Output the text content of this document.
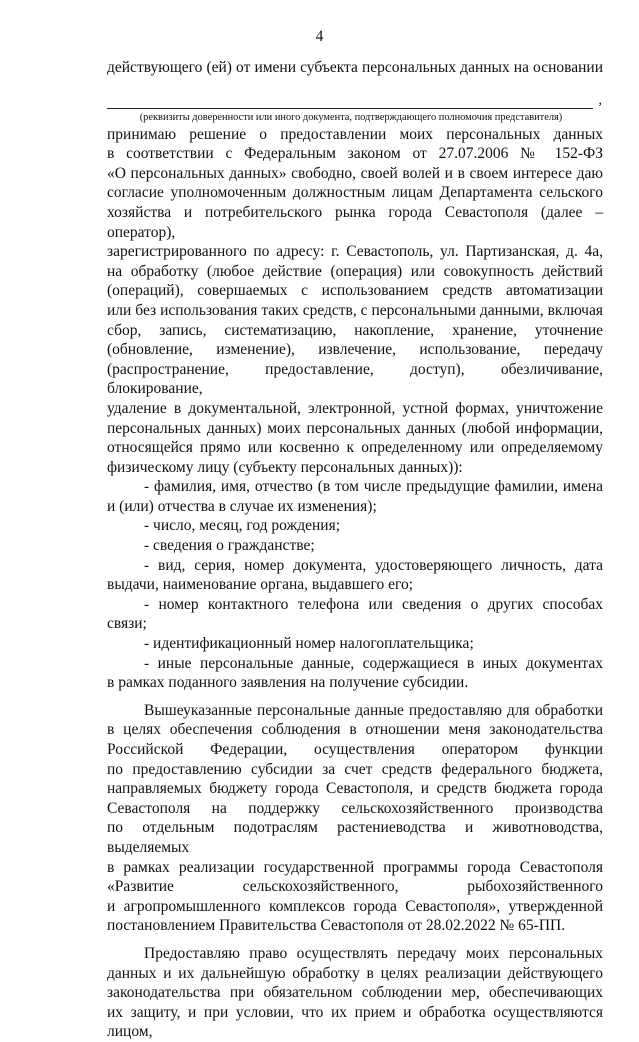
4

действующего (ей) от имени субъекта персональных данных на основании

,
(реквизиты доверенности или иного документа, подтверждающего полномочия представителя)

принимаю решение о предоставлении моих персональных данных

в соответствии с Федеральным законом от 27.07.2006 № 152-ФЗ

«О персональных данных» свободно, своей волей и в своем интересе даю

согласие уполномоченным должностным лицам Департамента сельского

хозяйства и потребительского рынка города Севастополя (далее – оператор),

зарегистрированного по адресу: г. Севастополь, ул. Партизанская, д. 4а,

на обработку (любое действие (операция) или совокупность действий

(операций), совершаемых с использованием средств автоматизации

или без использования таких средств, с персональными данными, включая

сбор, запись, систематизацию, накопление, хранение, уточнение

(обновление, изменение), извлечение, использование, передачу

(распространение, предоставление, доступ), обезличивание, блокирование,

удаление в документальной, электронной, устной формах, уничтожение

персональных данных) моих персональных данных (любой информации,

относящейся прямо или косвенно к определенному или определяемому

физическому лицу (субъекту персональных данных)):

- фамилия, имя, отчество (в том числе предыдущие фамилии, имена

и (или) отчества в случае их изменения);

- число, месяц, год рождения;

- сведения о гражданстве;

- вид, серия, номер документа, удостоверяющего личность, дата

выдачи, наименование органа, выдавшего его;

- номер контактного телефона или сведения о других способах связи;

- идентификационный номер налогоплательщика;

- иные персональные данные, содержащиеся в иных документах

в рамках поданного заявления на получение субсидии.

Вышеуказанные персональные данные предоставляю для обработки

в целях обеспечения соблюдения в отношении меня законодательства

Российской Федерации, осуществления оператором функции

по предоставлению субсидии за счет средств федерального бюджета,

направляемых бюджету города Севастополя, и средств бюджета города

Севастополя на поддержку сельскохозяйственного производства

по отдельным подотраслям растениеводства и животноводства, выделяемых

в рамках реализации государственной программы города Севастополя

«Развитие сельскохозяйственного, рыбохозяйственного

и агропромышленного комплексов города Севастополя», утвержденной

постановлением Правительства Севастополя от 28.02.2022 № 65-ПП.

Предоставляю право осуществлять передачу моих персональных

данных и их дальнейшую обработку в целях реализации действующего

законодательства при обязательном соблюдении мер, обеспечивающих

их защиту, и при условии, что их прием и обработка осуществляются лицом,
